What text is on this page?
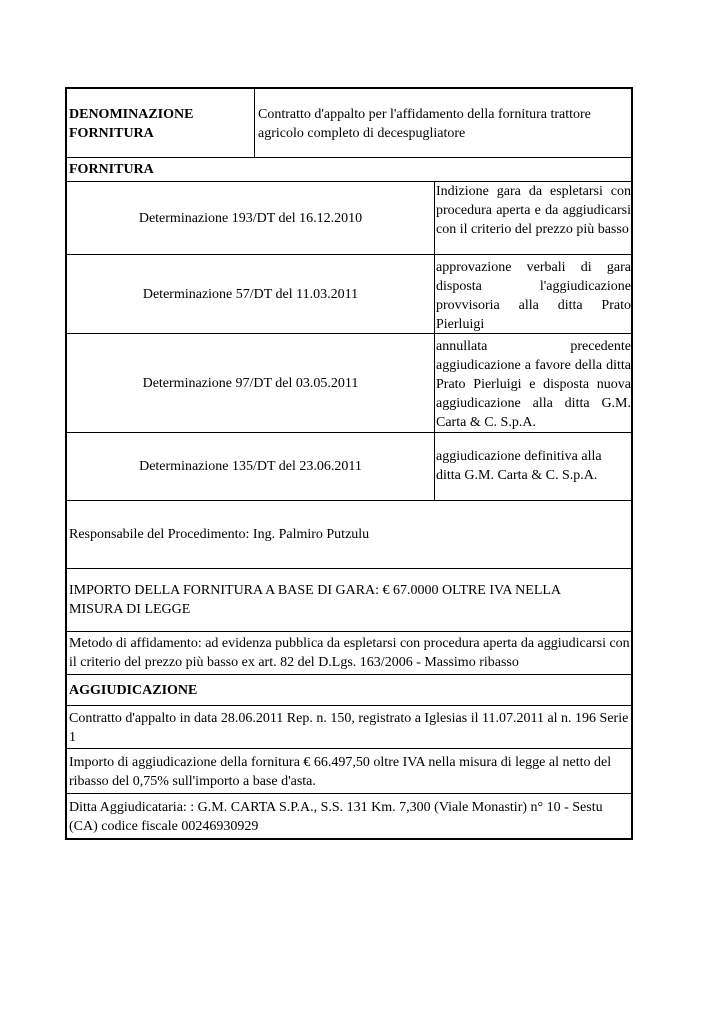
DENOMINAZIONE FORNITURA
Contratto d'appalto per l'affidamento della fornitura trattore agricolo completo di decespugliatore
FORNITURA
Determinazione 193/DT del 16.12.2010
Indizione gara da espletarsi con procedura aperta e da aggiudicarsi con il criterio del prezzo più basso
Determinazione 57/DT del 11.03.2011
approvazione verbali di gara disposta l'aggiudicazione provvisoria alla ditta Prato Pierluigi
Determinazione 97/DT del 03.05.2011
annullata precedente aggiudicazione a favore della ditta Prato Pierluigi e disposta nuova aggiudicazione alla ditta G.M. Carta & C. S.p.A.
Determinazione 135/DT del 23.06.2011
aggiudicazione definitiva alla ditta G.M. Carta & C. S.p.A.
Responsabile del Procedimento: Ing. Palmiro Putzulu
IMPORTO DELLA FORNITURA A BASE DI GARA: € 67.0000 OLTRE IVA NELLA MISURA DI LEGGE
Metodo di affidamento: ad evidenza pubblica da espletarsi con procedura aperta da aggiudicarsi con il criterio del prezzo più basso ex art. 82 del D.Lgs. 163/2006 - Massimo ribasso
AGGIUDICAZIONE
Contratto d'appalto in data 28.06.2011 Rep. n. 150, registrato a Iglesias il 11.07.2011 al n. 196 Serie 1
Importo di aggiudicazione della fornitura € 66.497,50 oltre IVA nella misura di legge al netto del ribasso del 0,75% sull'importo a base d'asta.
Ditta Aggiudicataria: : G.M. CARTA S.P.A., S.S. 131 Km. 7,300 (Viale Monastir) n° 10 - Sestu (CA) codice fiscale 00246930929
